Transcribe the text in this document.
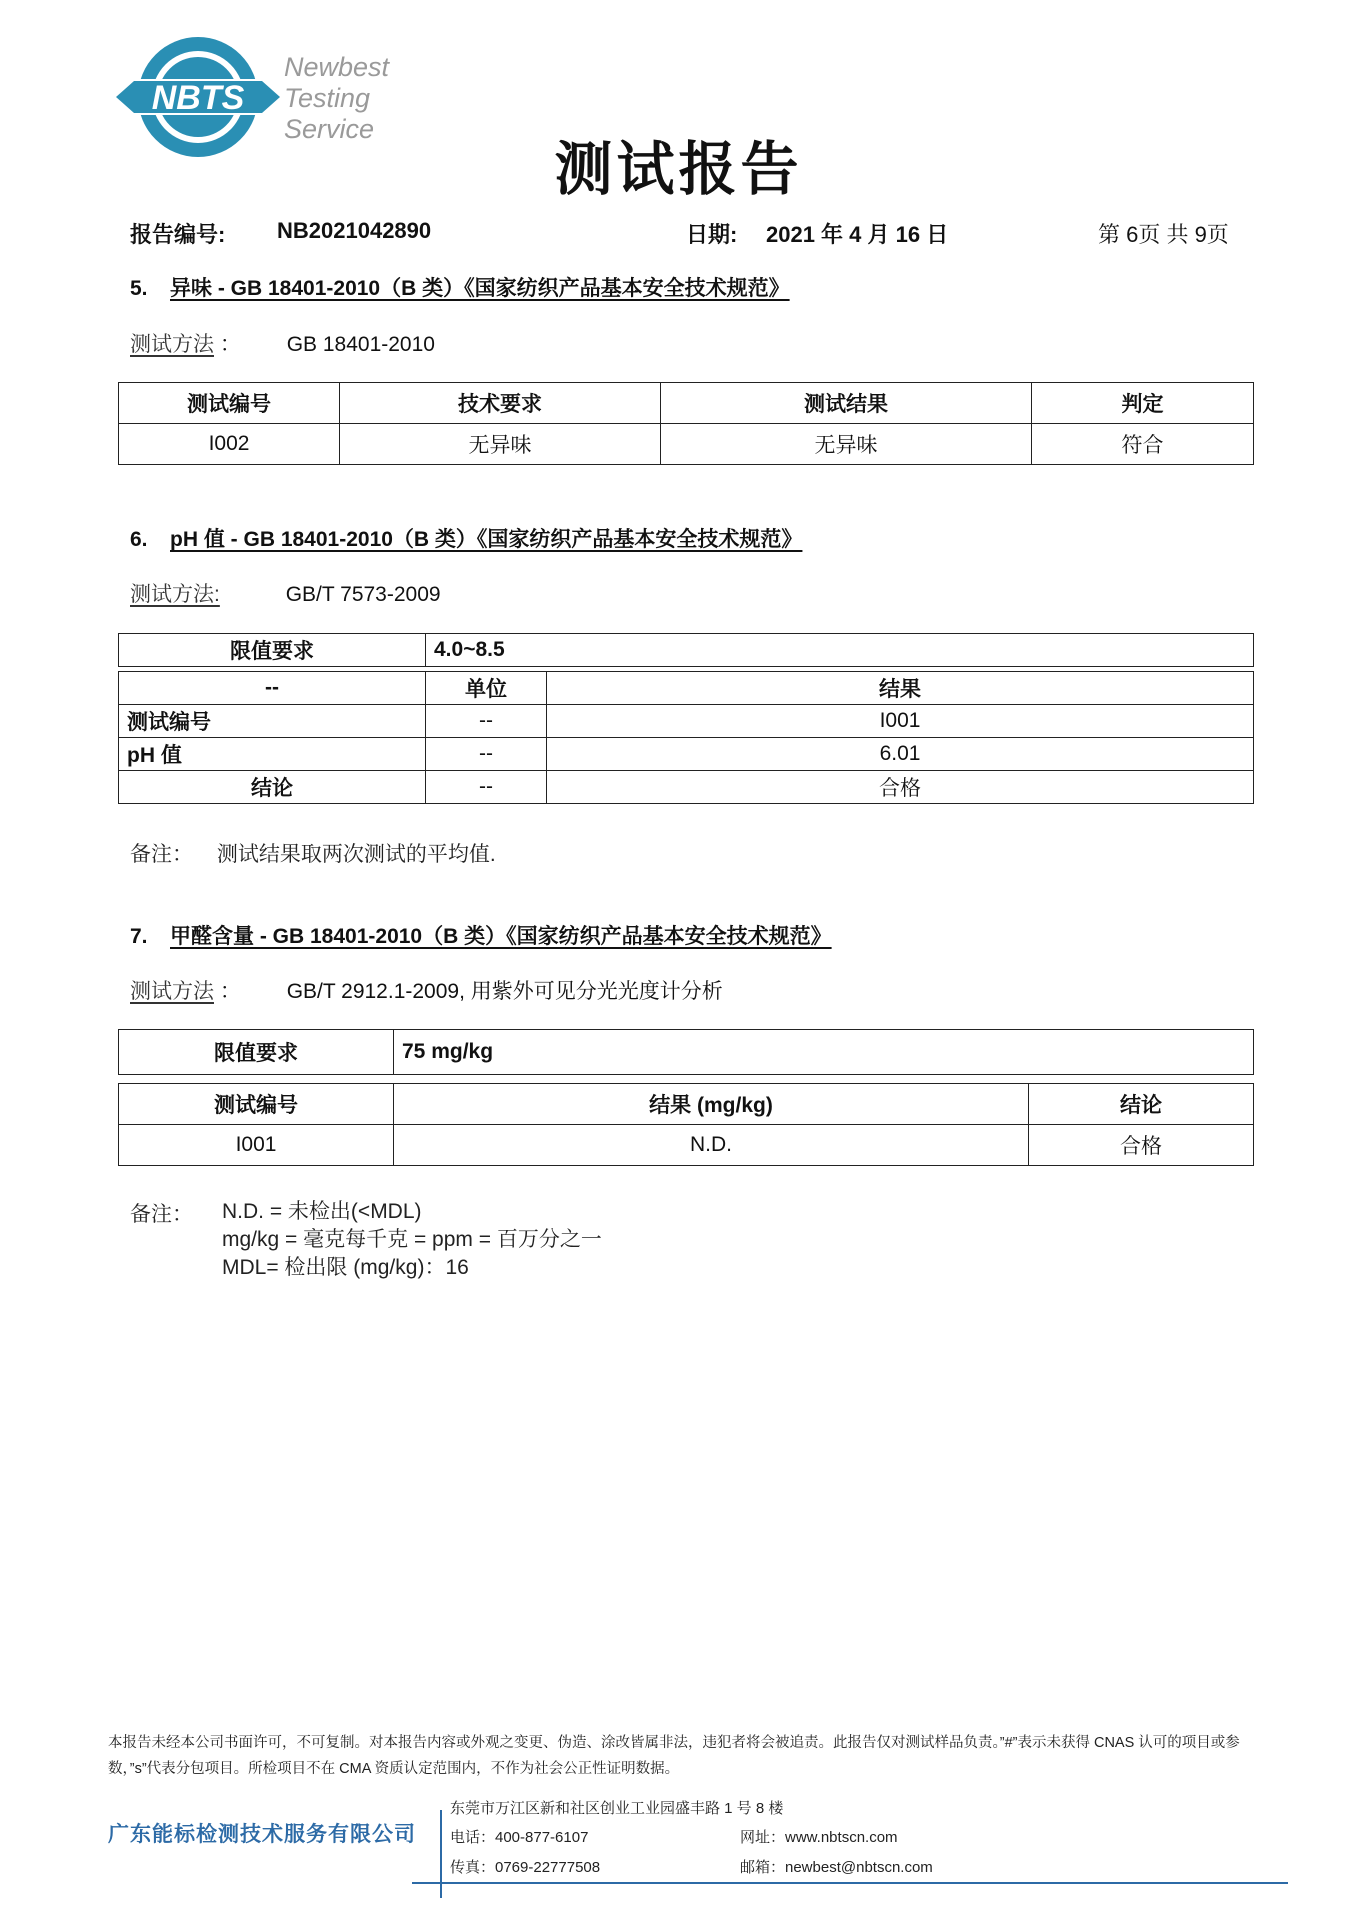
NBTS
Newbest
Testing
Service
测试报告
报告编号: NB2021042890	日期: 2021 年 4 月 16 日	第 6页 共 9页
5. 异味 - GB 18401-2010（B 类）《国家纺织产品基本安全技术规范》
测试方法 ： GB 18401-2010
测试编号	技术要求	测试结果	判定
I002	无异味	无异味	符合
6. pH 值 - GB 18401-2010（B 类）《国家纺织产品基本安全技术规范》
测试方法:	GB/T 7573-2009
限值要求	4.0~8.5
--	单位	结果
测试编号	--	I001
pH 值	--	6.01
结论	--	合格
备注： 测试结果取两次测试的平均值.
7. 甲醛含量 - GB 18401-2010（B 类）《国家纺织产品基本安全技术规范》
测试方法 ： GB/T 2912.1-2009, 用紫外可见分光光度计分析
限值要求	75 mg/kg
测试编号	结果 (mg/kg)	结论
I001	N.D.	合格
备注： N.D. = 未检出(<MDL)
mg/kg = 毫克每千克 = ppm = 百万分之一
MDL= 检出限 (mg/kg)：16
本报告未经本公司书面许可，不可复制。对本报告内容或外观之变更、伪造、涂改皆属非法，违犯者将会被追责。此报告仅对测试样品负责。”#”表示未获得 CNAS 认可的项目或参数，”s”代表分包项目。所检项目不在 CMA 资质认定范围内，不作为社会公正性证明数据。
广东能标检测技术服务有限公司
东莞市万江区新和社区创业工业园盛丰路 1 号 8 楼
电话：400-877-6107
传真：0769-22777508
网址：www.nbtscn.com
邮箱：newbest@nbtscn.com
